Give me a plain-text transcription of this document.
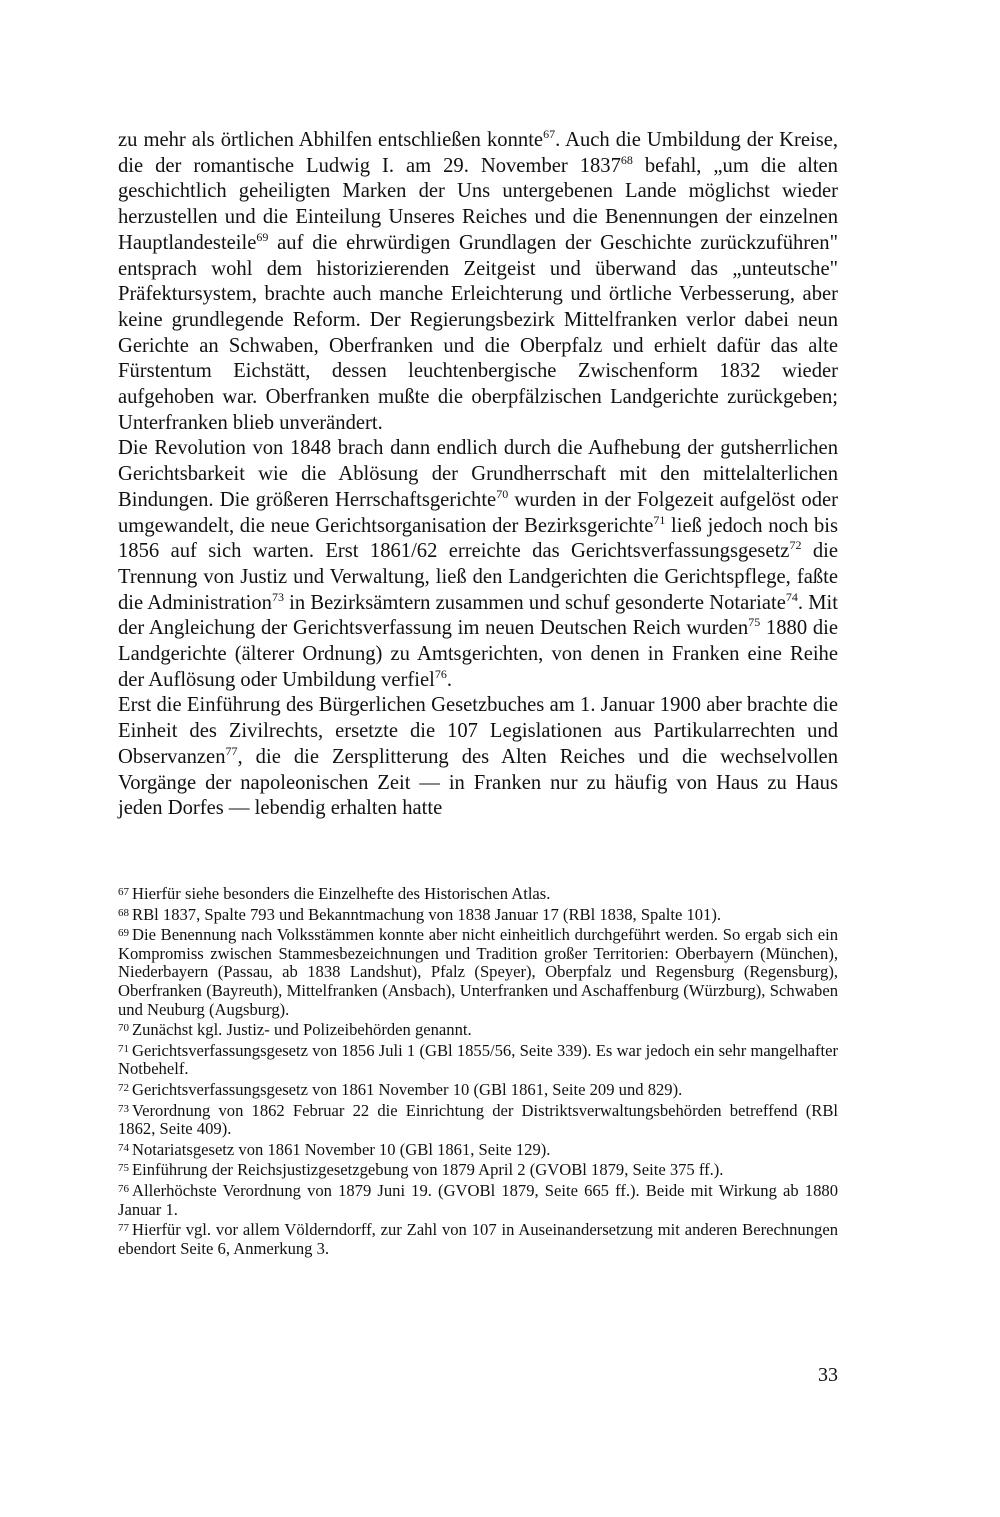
zu mehr als örtlichen Abhilfen entschließen konnte$^{67}$. Auch die Umbildung der Kreise, die der romantische Ludwig I. am 29. November 1837$^{68}$ befahl, „um die alten geschichtlich geheiligten Marken der Uns untergebenen Lande möglichst wieder herzustellen und die Einteilung Unseres Reiches und die Benennungen der einzelnen Hauptlandesteile$^{69}$ auf die ehrwürdigen Grundlagen der Geschichte zurückzuführen" entsprach wohl dem historizierenden Zeitgeist und überwand das „unteutsche" Präfektursystem, brachte auch manche Erleichterung und örtliche Verbesserung, aber keine grundlegende Reform. Der Regierungsbezirk Mittelfranken verlor dabei neun Gerichte an Schwaben, Oberfranken und die Oberpfalz und erhielt dafür das alte Fürstentum Eichstätt, dessen leuchtenbergische Zwischenform 1832 wieder aufgehoben war. Oberfranken mußte die oberpfälzischen Landgerichte zurückgeben; Unterfranken blieb unverändert.

Die Revolution von 1848 brach dann endlich durch die Aufhebung der gutsherrlichen Gerichtsbarkeit wie die Ablösung der Grundherrschaft mit den mittelalterlichen Bindungen. Die größeren Herrschaftsgerichte$^{70}$ wurden in der Folgezeit aufgelöst oder umgewandelt, die neue Gerichtsorganisation der Bezirksgerichte$^{71}$ ließ jedoch noch bis 1856 auf sich warten. Erst 1861/62 erreichte das Gerichtsverfassungsgesetz$^{72}$ die Trennung von Justiz und Verwaltung, ließ den Landgerichten die Gerichtspflege, faßte die Administration$^{73}$ in Bezirksämtern zusammen und schuf gesonderte Notariate$^{74}$. Mit der Angleichung der Gerichtsverfassung im neuen Deutschen Reich wurden$^{75}$ 1880 die Landgerichte (älterer Ordnung) zu Amtsgerichten, von denen in Franken eine Reihe der Auflösung oder Umbildung verfiel$^{76}$.

Erst die Einführung des Bürgerlichen Gesetzbuches am 1. Januar 1900 aber brachte die Einheit des Zivilrechts, ersetzte die 107 Legislationen aus Partikularrechten und Observanzen$^{77}$, die die Zersplitterung des Alten Reiches und die wechselvollen Vorgänge der napoleonischen Zeit — in Franken nur zu häufig von Haus zu Haus jeden Dorfes — lebendig erhalten hatte

$^{67}$ Hierfür siehe besonders die Einzelhefte des Historischen Atlas.

$^{68}$ RBl 1837, Spalte 793 und Bekanntmachung von 1838 Januar 17 (RBl 1838, Spalte 101).

$^{69}$ Die Benennung nach Volksstämmen konnte aber nicht einheitlich durchgeführt werden. So ergab sich ein Kompromiss zwischen Stammesbezeichnungen und Tradition großer Territorien: Oberbayern (München), Niederbayern (Passau, ab 1838 Landshut), Pfalz (Speyer), Oberpfalz und Regensburg (Regensburg), Oberfranken (Bayreuth), Mittelfranken (Ansbach), Unterfranken und Aschaffenburg (Würzburg), Schwaben und Neuburg (Augsburg).

$^{70}$ Zunächst kgl. Justiz- und Polizeibehörden genannt.

$^{71}$ Gerichtsverfassungsgesetz von 1856 Juli 1 (GBl 1855/56, Seite 339). Es war jedoch ein sehr mangelhafter Notbehelf.

$^{72}$ Gerichtsverfassungsgesetz von 1861 November 10 (GBl 1861, Seite 209 und 829).

$^{73}$ Verordnung von 1862 Februar 22 die Einrichtung der Distriktsverwaltungsbehörden betreffend (RBl 1862, Seite 409).

$^{74}$ Notariatsgesetz von 1861 November 10 (GBl 1861, Seite 129).

$^{75}$ Einführung der Reichsjustizgesetzgebung von 1879 April 2 (GVOBl 1879, Seite 375 ff.).

$^{76}$ Allerhöchste Verordnung von 1879 Juni 19. (GVOBl 1879, Seite 665 ff.). Beide mit Wirkung ab 1880 Januar 1.

$^{77}$ Hierfür vgl. vor allem Völderndorff, zur Zahl von 107 in Auseinandersetzung mit anderen Berechnungen ebendort Seite 6, Anmerkung 3.

33
